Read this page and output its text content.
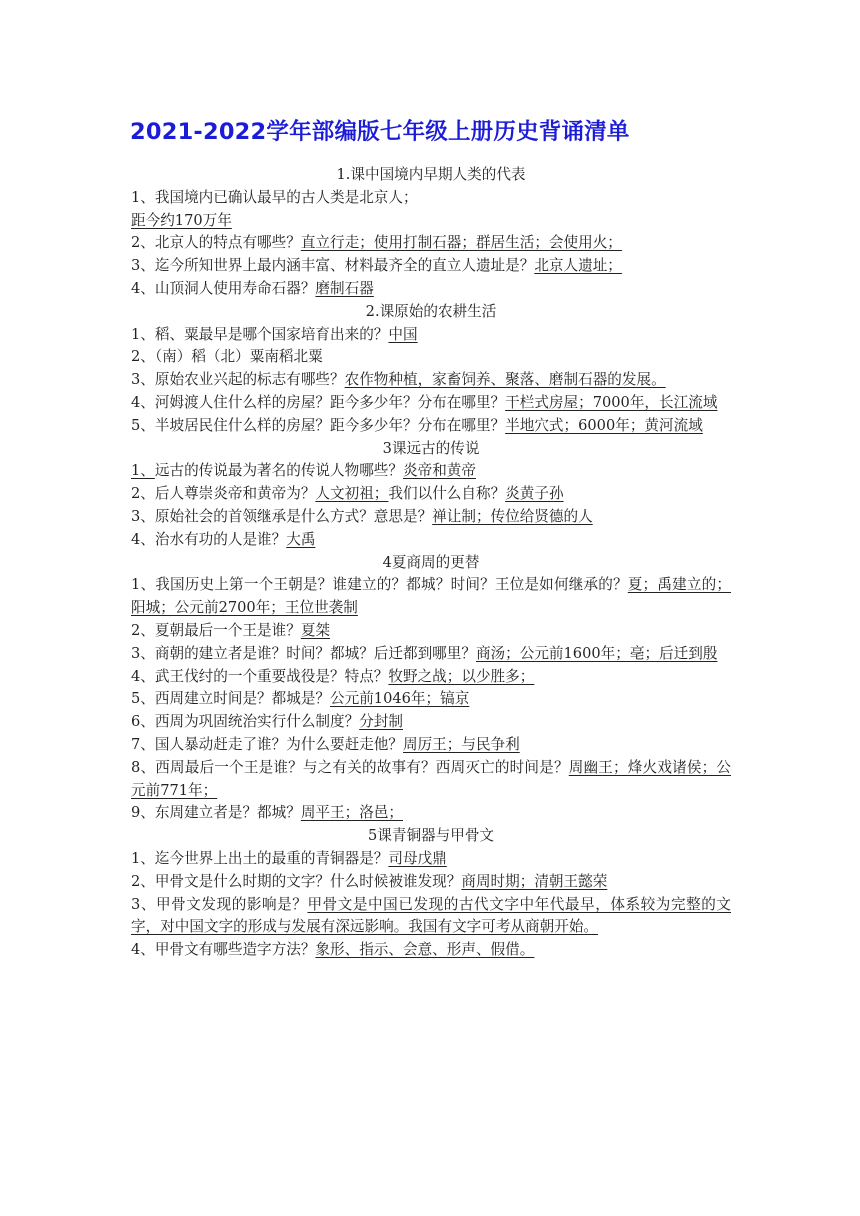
2021-2022学年部编版七年级上册历史背诵清单

1.课中国境内早期人类的代表

1、我国境内已确认最早的古人类是北京人；

距今约170万年

2、北京人的特点有哪些？直立行走；使用打制石器；群居生活；会使用火；

3、迄今所知世界上最内涵丰富、材料最齐全的直立人遗址是？北京人遗址；

4、山顶洞人使用寿命石器？磨制石器

2.课原始的农耕生活

1、稻、粟最早是哪个国家培育出来的？中国

2、（南）稻（北）粟南稻北粟

3、原始农业兴起的标志有哪些？农作物种植，家畜饲养、聚落、磨制石器的发展。

4、河姆渡人住什么样的房屋？距今多少年？分布在哪里？干栏式房屋；7000年，长江流域

5、半坡居民住什么样的房屋？距今多少年？分布在哪里？半地穴式；6000年；黄河流域

3课远古的传说

1、远古的传说最为著名的传说人物哪些？炎帝和黄帝

2、后人尊崇炎帝和黄帝为？人文初祖；我们以什么自称？炎黄子孙

3、原始社会的首领继承是什么方式？意思是？禅让制；传位给贤德的人

4、治水有功的人是谁？大禹

4夏商周的更替

1、我国历史上第一个王朝是？谁建立的？都城？时间？王位是如何继承的？夏；禹建立的；阳城；公元前2700年；王位世袭制

2、夏朝最后一个王是谁？夏桀

3、商朝的建立者是谁？时间？都城？后迁都到哪里？商汤；公元前1600年；亳；后迁到殷

4、武王伐纣的一个重要战役是？特点？牧野之战；以少胜多；

5、西周建立时间是？都城是？公元前1046年；镐京

6、西周为巩固统治实行什么制度？分封制

7、国人暴动赶走了谁？为什么要赶走他？周厉王；与民争利

8、西周最后一个王是谁？与之有关的故事有？西周灭亡的时间是？周幽王；烽火戏诸侯；公元前771年；

9、东周建立者是？都城？周平王；洛邑；

5课青铜器与甲骨文

1、迄今世界上出土的最重的青铜器是？司母戊鼎

2、甲骨文是什么时期的文字？什么时候被谁发现？商周时期；清朝王懿荣

3、甲骨文发现的影响是？甲骨文是中国已发现的古代文字中年代最早，体系较为完整的文字，对中国文字的形成与发展有深远影响。我国有文字可考从商朝开始。

4、甲骨文有哪些造字方法？象形、指示、会意、形声、假借。
